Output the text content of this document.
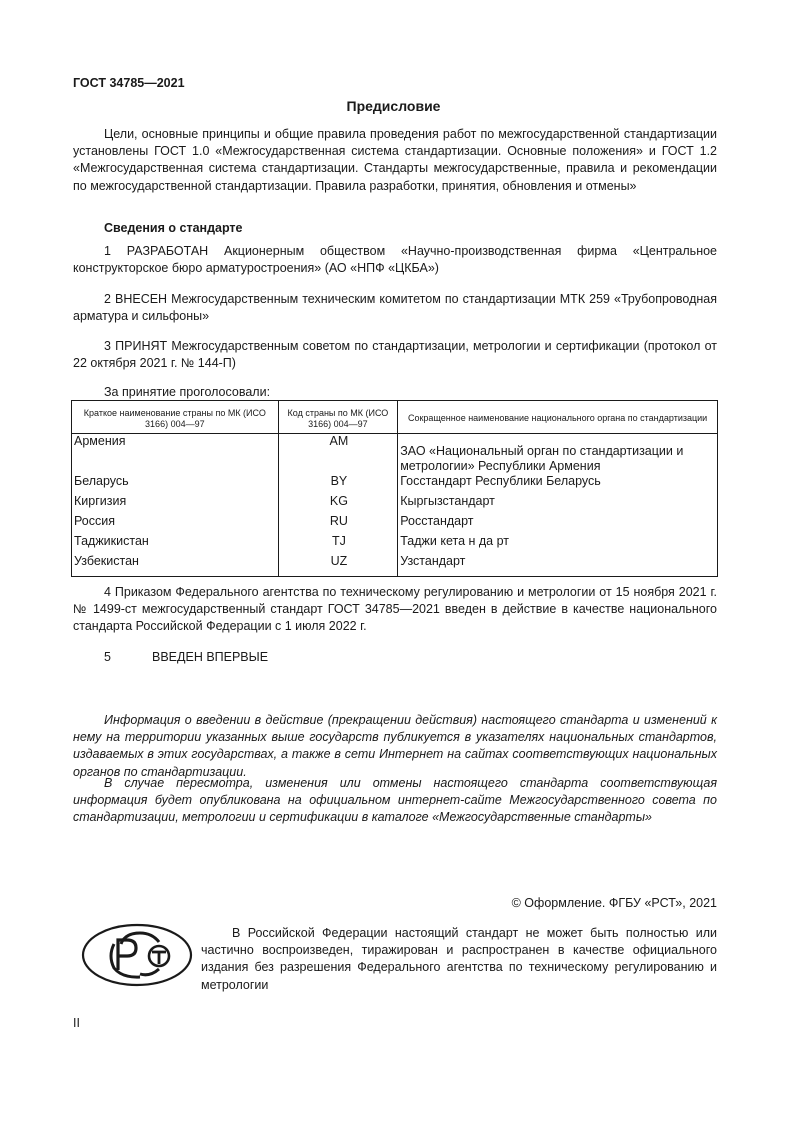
ГОСТ 34785—2021
Предисловие
Цели, основные принципы и общие правила проведения работ по межгосударственной стандартизации установлены ГОСТ 1.0 «Межгосударственная система стандартизации. Основные положения» и ГОСТ 1.2 «Межгосударственная система стандартизации. Стандарты межгосударственные, правила и рекомендации по межгосударственной стандартизации. Правила разработки, принятия, обновления и отмены»
Сведения о стандарте
1 РАЗРАБОТАН Акционерным обществом «Научно-производственная фирма «Центральное конструкторское бюро арматуростроения» (АО «НПФ «ЦКБА»)
2 ВНЕСЕН Межгосударственным техническим комитетом по стандартизации МТК 259 «Трубопроводная арматура и сильфоны»
3 ПРИНЯТ Межгосударственным советом по стандартизации, метрологии и сертификации (протокол от 22 октября 2021 г. № 144-П)
За принятие проголосовали:
Краткое наименование страны по МК (ИСО 3166) 004—97	Код страны по МК (ИСО 3166) 004—97	Сокращенное наименование национального органа по стандартизации
Армения	AM	ЗАО «Национальный орган по стандартизации и метрологии» Республики Армения
Беларусь	BY	Госстандарт Республики Беларусь
Киргизия	KG	Кыргызстандарт
Россия	RU	Росстандарт
Таджикистан	TJ	Таджи кета н да рт
Узбекистан	UZ	Узстандарт
4 Приказом Федерального агентства по техническому регулированию и метрологии от 15 ноября 2021 г. № 1499-ст межгосударственный стандарт ГОСТ 34785—2021 введен в действие в качестве национального стандарта Российской Федерации с 1 июля 2022 г.
5	ВВЕДЕН ВПЕРВЫЕ
Информация о введении в действие (прекращении действия) настоящего стандарта и изменений к нему на территории указанных выше государств публикуется в указателях национальных стандартов, издаваемых в этих государствах, а также в сети Интернет на сайтах соответствующих национальных органов по стандартизации.
В случае пересмотра, изменения или отмены настоящего стандарта соответствующая информация будет опубликована на официальном интернет-сайте Межгосударственного совета по стандартизации, метрологии и сертификации в каталоге «Межгосударственные стандарты»
© Оформление. ФГБУ «РСТ», 2021
В Российской Федерации настоящий стандарт не может быть полностью или частично воспроизведен, тиражирован и распространен в качестве официального издания без разрешения Федерального агентства по техническому регулированию и метрологии
II
